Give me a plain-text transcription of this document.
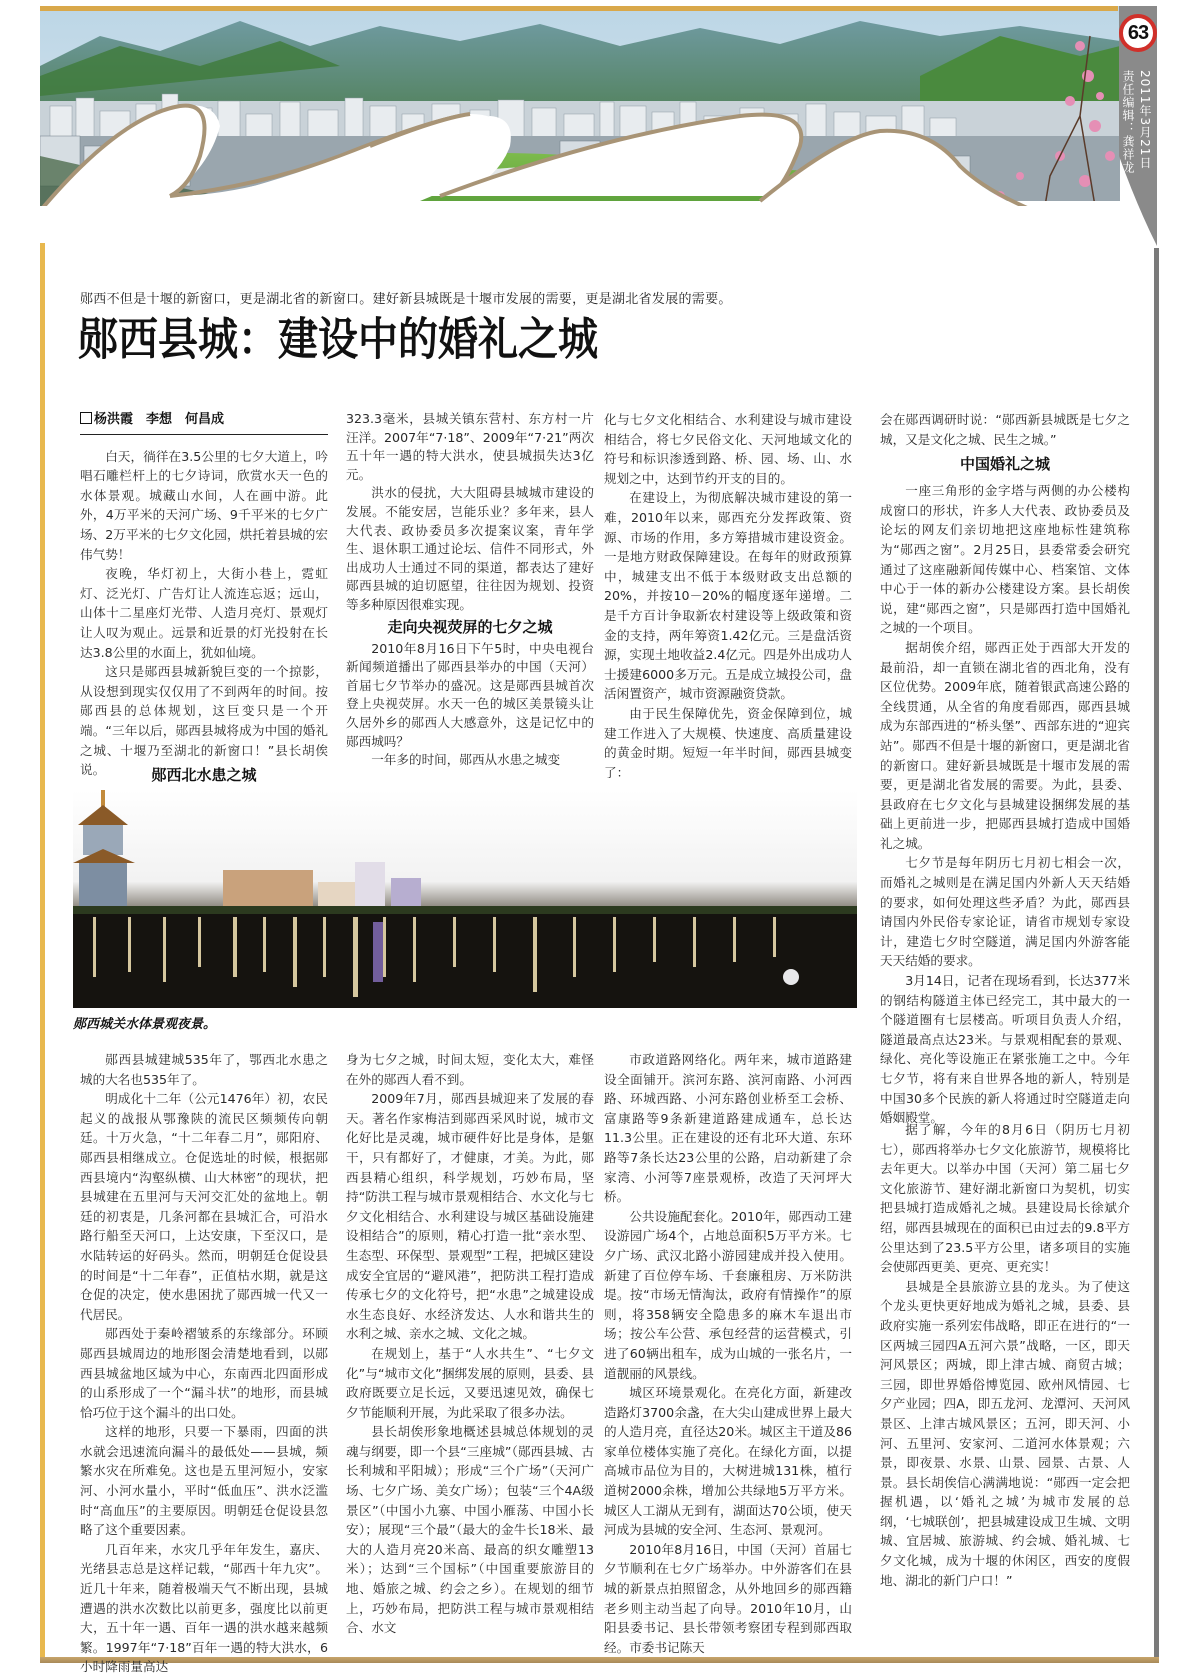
63
2011年3月21日
责任编辑：龚祥龙
郧西不但是十堰的新窗口，更是湖北省的新窗口。建好新县城既是十堰市发展的需要，更是湖北省发展的需要。
郧西县城：建设中的婚礼之城
杨洪霞　李想　何昌成

白天，徜徉在3.5公里的七夕大道上，吟唱石雕栏杆上的七夕诗词，欣赏水天一色的水体景观。城藏山水间，人在画中游。此外，4万平米的天河广场、9千平米的七夕广场、2万平米的七夕文化园，烘托着县城的宏伟气势！

夜晚，华灯初上，大街小巷上，霓虹灯、泛光灯、广告灯让人流连忘返；远山，山体十二星座灯光带、人造月亮灯、景观灯让人叹为观止。远景和近景的灯光投射在长达3.8公里的水面上，犹如仙境。

这只是郧西县城新貌巨变的一个掠影，从设想到现实仅仅用了不到两年的时间。按郧西县的总体规划，这巨变只是一个开端。“三年以后，郧西县城将成为中国的婚礼之城、十堰乃至湖北的新窗口！”县长胡俟说。	郧西北水患之城

323.3毫米，县城关镇东营村、东方村一片汪洋。2007年“7·18”、2009年“7·21”两次五十年一遇的特大洪水，使县城损失达3亿元。

洪水的侵扰，大大阻碍县城城市建设的发展。不能安居，岂能乐业？多年来，县人大代表、政协委员多次提案议案，青年学生、退休职工通过论坛、信件不同形式，外出成功人士通过不同的渠道，都表达了建好郧西县城的迫切愿望，往往因为规划、投资等多种原因很难实现。

走向央视荧屏的七夕之城

2010年8月16日下午5时，中央电视台新闻频道播出了郧西县举办的中国（天河）首届七夕节举办的盛况。这是郧西县城首次登上央视荧屏。水天一色的城区美景镜头让久居外乡的郧西人大感意外，这是记忆中的郧西城吗？

一年多的时间，郧西从水患之城变

化与七夕文化相结合、水利建设与城市建设相结合，将七夕民俗文化、天河地域文化的符号和标识渗透到路、桥、园、场、山、水规划之中，达到节约开支的目的。

在建设上，为彻底解决城市建设的第一难，2010年以来，郧西充分发挥政策、资源、市场的作用，多方筹措城市建设资金。一是地方财政保障建设。在每年的财政预算中，城建支出不低于本级财政支出总额的20%，并按10－20%的幅度逐年递增。二是千方百计争取新农村建设等上级政策和资金的支持，两年筹资1.42亿元。三是盘活资源，实现土地收益2.4亿元。四是外出成功人士援建6000多万元。五是成立城投公司，盘活闲置资产，城市资源融资贷款。

由于民生保障优先，资金保障到位，城建工作进入了大规模、快速度、高质量建设的黄金时期。短短一年半时间，郧西县城变了：

会在郧西调研时说：“郧西新县城既是七夕之城，又是文化之城、民生之城。”

中国婚礼之城

一座三角形的金字塔与两侧的办公楼构成窗口的形状，许多人大代表、政协委员及论坛的网友们亲切地把这座地标性建筑称为“郧西之窗”。2月25日，县委常委会研究通过了这座融新闻传媒中心、档案馆、文体中心于一体的新办公楼建设方案。县长胡俟说，建“郧西之窗”，只是郧西打造中国婚礼之城的一个项目。

据胡俟介绍，郧西正处于西部大开发的最前沿，却一直锁在湖北省的西北角，没有区位优势。2009年底，随着银武高速公路的全线贯通，从全省的角度看郧西，郧西县城成为东部西进的“桥头堡”、西部东进的“迎宾站”。郧西不但是十堰的新窗口，更是湖北省的新窗口。建好新县城既是十堰市发展的需要，更是湖北省发展的需要。为此，县委、县政府在七夕文化与县城建设捆绑发展的基础上更前进一步，把郧西县城打造成中国婚礼之城。

七夕节是每年阴历七月初七相会一次，而婚礼之城则是在满足国内外新人天天结婚的要求，如何处理这些矛盾？为此，郧西县请国内外民俗专家论证，请省市规划专家设计，建造七夕时空隧道，满足国内外游客能天天结婚的要求。

3月14日，记者在现场看到，长达377米的钢结构隧道主体已经完工，其中最大的一个隧道圈有七层楼高。听项目负责人介绍，隧道最高点达23米。与景观相配套的景观、绿化、亮化等设施正在紧张施工之中。今年七夕节，将有来自世界各地的新人，特别是中国30多个民族的新人将通过时空隧道走向婚姻殿堂。

郧西城关水体景观夜景。

郧西县城建城535年了，鄂西北水患之城的大名也535年了。

明成化十二年（公元1476年）初，农民起义的战报从鄂豫陕的流民区频频传向朝廷。十万火急，“十二年春二月”，郧阳府、郧西县相继成立。仓促选址的时候，根据郧西县境内“沟壑纵横、山大林密”的现状，把县城建在五里河与天河交汇处的盆地上。朝廷的初衷是，几条河都在县城汇合，可沿水路行船至天河口，上达安康，下至汉口，是水陆转运的好码头。然而，明朝廷仓促设县的时间是“十二年春”，正值枯水期，就是这仓促的决定，使水患困扰了郧西城一代又一代居民。

郧西处于秦岭褶皱系的东缘部分。环顾郧西县城周边的地形图会清楚地看到，以郧西县城盆地区域为中心，东南西北四面形成的山系形成了一个“漏斗状”的地形，而县城恰巧位于这个漏斗的出口处。

这样的地形，只要一下暴雨，四面的洪水就会迅速流向漏斗的最低处——县城，频繁水灾在所难免。这也是五里河短小，安家河、小河水量小，平时“低血压”、洪水泛滥时“高血压”的主要原因。明朝廷仓促设县忽略了这个重要因素。

几百年来，水灾几乎年年发生，嘉庆、光绪县志总是这样记载，“郧西十年九灾”。近几十年来，随着极端天气不断出现，县城遭遇的洪水次数比以前更多，强度比以前更大，五十年一遇、百年一遇的洪水越来越频繁。1997年“7·18”百年一遇的特大洪水，6小时降雨量高达

身为七夕之城，时间太短，变化太大，难怪在外的郧西人看不到。

2009年7月，郧西县城迎来了发展的春天。著名作家梅洁到郧西采风时说，城市文化好比是灵魂，城市硬件好比是身体，是躯干，只有都好了，才健康，才美。为此，郧西县精心组织，科学规划，巧妙布局，坚持“防洪工程与城市景观相结合、水文化与七夕文化相结合、水利建设与城区基础设施建设相结合”的原则，精心打造一批“亲水型、生态型、环保型、景观型”工程，把城区建设成安全宜居的“避风港”，把防洪工程打造成传承七夕的文化符号，把“水患”之城建设成水生态良好、水经济发达、人水和谐共生的水利之城、亲水之城、文化之城。

在规划上，基于“人水共生”、“七夕文化”与“城市文化”捆绑发展的原则，县委、县政府既要立足长远，又要迅速见效，确保七夕节能顺利开展，为此采取了很多办法。

县长胡俟形象地概述县城总体规划的灵魂与纲要，即一个县“三座城”（郧西县城、古长利城和平阳城）；形成“三个广场”（天河广场、七夕广场、美女广场）；包装“三个4A级景区”（中国小九寨、中国小雁荡、中国小长安）；展现“三个最”（最大的金牛长18米、最大的人造月亮20米高、最高的织女雕塑13米）；达到“三个国标”（中国重要旅游目的地、婚旅之城、约会之乡）。在规划的细节上，巧妙布局，把防洪工程与城市景观相结合、水文

市政道路网络化。两年来，城市道路建设全面铺开。滨河东路、滨河南路、小河西路、环城西路、小河东路创业桥至工会桥、富康路等9条新建道路建成通车，总长达11.3公里。正在建设的还有北环大道、东环路等7条长达23公里的公路，启动新建了佘家湾、小河等7座景观桥，改造了天河坪大桥。

公共设施配套化。2010年，郧西动工建设游园广场4个，占地总面积5万平方米。七夕广场、武汉北路小游园建成并投入使用。新建了百位停车场、千套廉租房、万米防洪堤。按“市场无情淘汰，政府有情操作”的原则，将358辆安全隐患多的麻木车退出市场；按公车公营、承包经营的运营模式，引进了60辆出租车，成为山城的一张名片，一道靓丽的风景线。

城区环境景观化。在亮化方面，新建改造路灯3700余盏，在大尖山建成世界上最大的人造月亮，直径达20米。城区主干道及86家单位楼体实施了亮化。在绿化方面，以提高城市品位为目的，大树进城131株，植行道树2000余株，增加公共绿地5万平方米。城区人工湖从无到有，湖面达70公顷，使天河成为县城的安全河、生态河、景观河。

2010年8月16日，中国（天河）首届七夕节顺利在七夕广场举办。中外游客们在县城的新景点拍照留念，从外地回乡的郧西籍老乡则主动当起了向导。2010年10月，山阳县委书记、县长带领考察团专程到郧西取经。市委书记陈天

据了解，今年的8月6日（阴历七月初七），郧西将举办七夕文化旅游节，规模将比去年更大。以举办中国（天河）第二届七夕文化旅游节、建好湖北新窗口为契机，切实把县城打造成婚礼之城。县建设局长徐斌介绍，郧西县城现在的面积已由过去的9.8平方公里达到了23.5平方公里，诸多项目的实施会使郧西更美、更亮、更充实！

县城是全县旅游立县的龙头。为了使这个龙头更快更好地成为婚礼之城，县委、县政府实施一系列宏伟战略，即正在进行的“一区两城三园四A五河六景”战略，一区，即天河风景区；两城，即上津古城、商贸古城；三园，即世界婚俗博览园、欧州风情园、七夕产业园；四A，即五龙河、龙潭河、天河风景区、上津古城风景区；五河，即天河、小河、五里河、安家河、二道河水体景观；六景，即夜景、水景、山景、园景、古景、人景。县长胡俟信心满满地说：“郧西一定会把握机遇，以‘婚礼之城’为城市发展的总纲，‘七城联创’，把县城建设成卫生城、文明城、宜居城、旅游城、约会城、婚礼城、七夕文化城，成为十堰的休闲区，西安的度假地、湖北的新门户口！”
